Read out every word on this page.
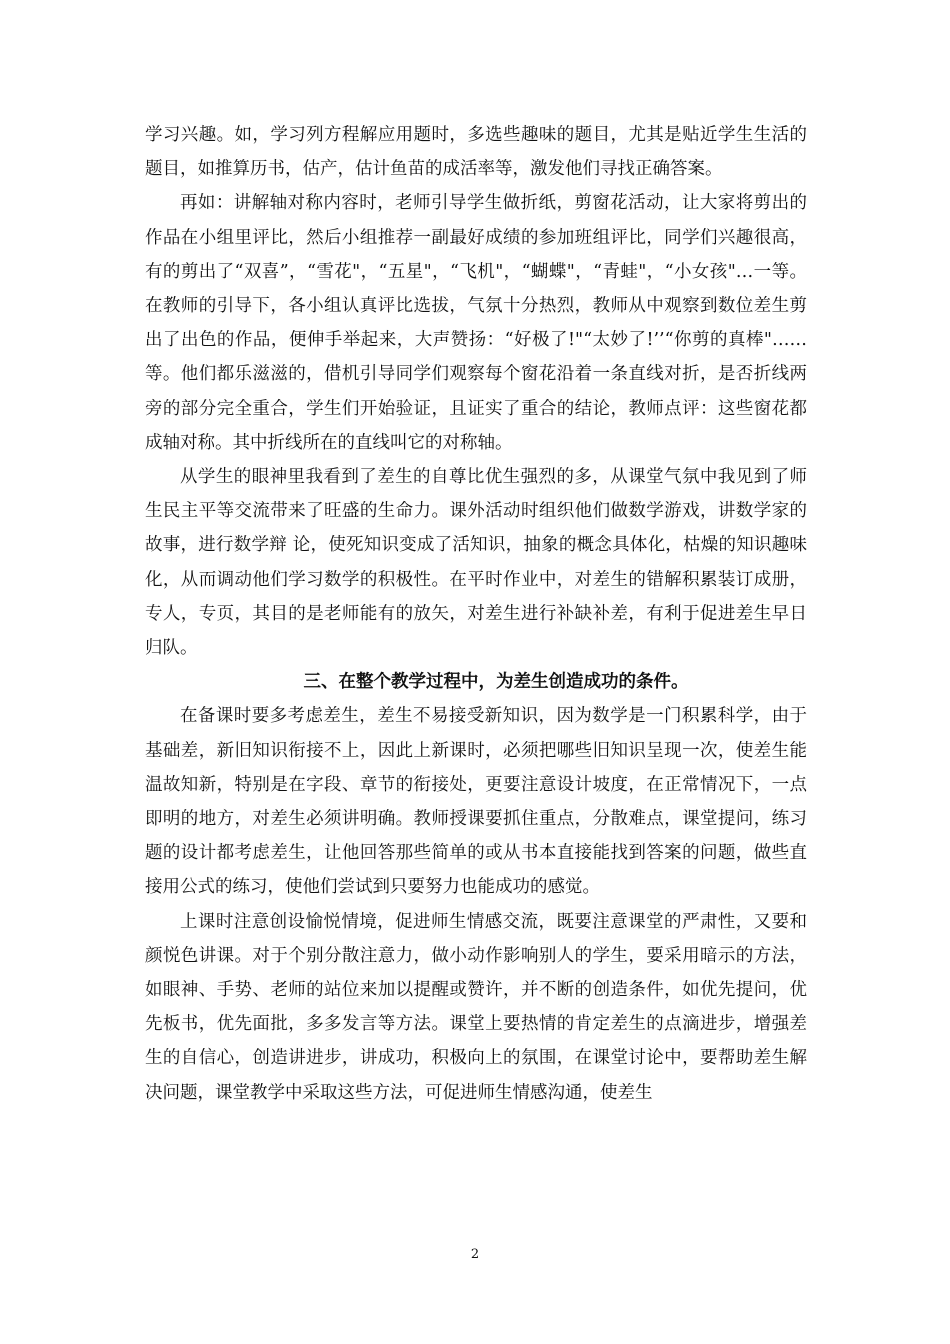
学习兴趣。如，学习列方程解应用题时，多选些趣味的题目，尤其是贴近学生生活的题目，如推算历书，估产，估计鱼苗的成活率等，激发他们寻找正确答案。

再如：讲解轴对称内容时，老师引导学生做折纸，剪窗花活动，让大家将剪出的作品在小组里评比，然后小组推荐一副最好成绩的参加班组评比，同学们兴趣很高，有的剪出了“双喜”，“雪花"，“五星"，“飞机"，“蝴蝶"，“青蛙"，“小女孩"…一等。在教师的引导下，各小组认真评比选拔，气氛十分热烈，教师从中观察到数位差生剪出了出色的作品，便伸手举起来，大声赞扬：“好极了!"“太妙了!’’“你剪的真棒"……等。他们都乐滋滋的，借机引导同学们观察每个窗花沿着一条直线对折，是否折线两旁的部分完全重合，学生们开始验证，且证实了重合的结论，教师点评：这些窗花都成轴对称。其中折线所在的直线叫它的对称轴。

从学生的眼神里我看到了差生的自尊比优生强烈的多，从课堂气氛中我见到了师生民主平等交流带来了旺盛的生命力。课外活动时组织他们做数学游戏，讲数学家的故事，进行数学辩 论，使死知识变成了活知识，抽象的概念具体化，枯燥的知识趣味化，从而调动他们学习数学的积极性。在平时作业中，对差生的错解积累装订成册，专人，专页，其目的是老师能有的放矢，对差生进行补缺补差，有利于促进差生早日归队。

三、在整个教学过程中，为差生创造成功的条件。

在备课时要多考虑差生，差生不易接受新知识，因为数学是一门积累科学，由于基础差，新旧知识衔接不上，因此上新课时，必须把哪些旧知识呈现一次，使差生能温故知新，特别是在字段、章节的衔接处，更要注意设计坡度，在正常情况下，一点即明的地方，对差生必须讲明确。教师授课要抓住重点，分散难点，课堂提问，练习题的设计都考虑差生，让他回答那些简单的或从书本直接能找到答案的问题，做些直接用公式的练习，使他们尝试到只要努力也能成功的感觉。

上课时注意创设愉悦情境，促进师生情感交流，既要注意课堂的严肃性，又要和颜悦色讲课。对于个别分散注意力，做小动作影响别人的学生，要采用暗示的方法，如眼神、手势、老师的站位来加以提醒或赞许，并不断的创造条件，如优先提问，优先板书，优先面批，多多发言等方法。课堂上要热情的肯定差生的点滴进步，增强差生的自信心，创造讲进步，讲成功，积极向上的氛围，在课堂讨论中，要帮助差生解决问题，课堂教学中采取这些方法，可促进师生情感沟通，使差生

2
